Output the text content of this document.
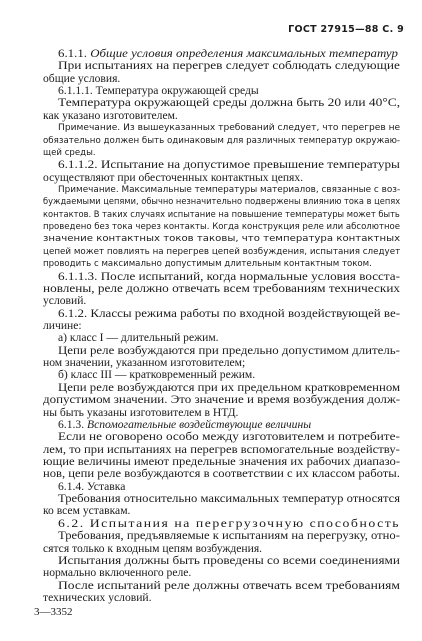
ГОСТ 27915—88 С. 9
6.1.1. Общие условия определения максимальных температур
При испытаниях на перегрев следует соблюдать следующие
общие условия.
6.1.1.1. Температура окружающей среды
Температура окружающей среды должна быть 20 или 40°С,
как указано изготовителем.
Примечание. Из вышеуказанных требований следует, что перегрев не
обязательно должен быть одинаковым для различных температур окружаю-
щей среды.
6.1.1.2. Испытание на допустимое превышение температуры
осуществляют при обесточенных контактных цепях.
Примечание. Максимальные температуры материалов, связанные с воз-
буждаемыми цепями, обычно незначительно подвержены влиянию тока в цепях
контактов. В таких случаях испытание на повышение температуры может быть
проведено без тока через контакты. Когда конструкция реле или абсолютное
значение контактных токов таковы, что температура контактных
цепей может повлиять на перегрев цепей возбуждения, испытания следует
проводить с максимально допустимым длительным контактным током.
6.1.1.3. После испытаний, когда нормальные условия восста-
новлены, реле должно отвечать всем требованиям технических
условий.
6.1.2. Классы режима работы по входной воздействующей ве-
личине:
а) класс I — длительный режим.
Цепи реле возбуждаются при предельно допустимом длитель-
ном значении, указанном изготовителем;
б) класс III — кратковременный режим.
Цепи реле возбуждаются при их предельном кратковременном
допустимом значении. Это значение и время возбуждения долж-
ны быть указаны изготовителем в НТД.
6.1.3. Вспомогательные воздействующие величины
Если не оговорено особо между изготовителем и потребите-
лем, то при испытаниях на перегрев вспомогательные воздейству-
ющие величины имеют предельные значения их рабочих диапазо-
нов, цепи реле возбуждаются в соответствии с их классом работы.
6.1.4. Уставка
Требования относительно максимальных температур относятся
ко всем уставкам.
6.2. Испытания на перегрузочную способность
Требования, предъявляемые к испытаниям на перегрузку, отно-
сятся только к входным цепям возбуждения.
Испытания должны быть проведены со всеми соединениями
нормально включенного реле.
После испытаний реле должны отвечать всем требованиям
технических условий.
3—3352
